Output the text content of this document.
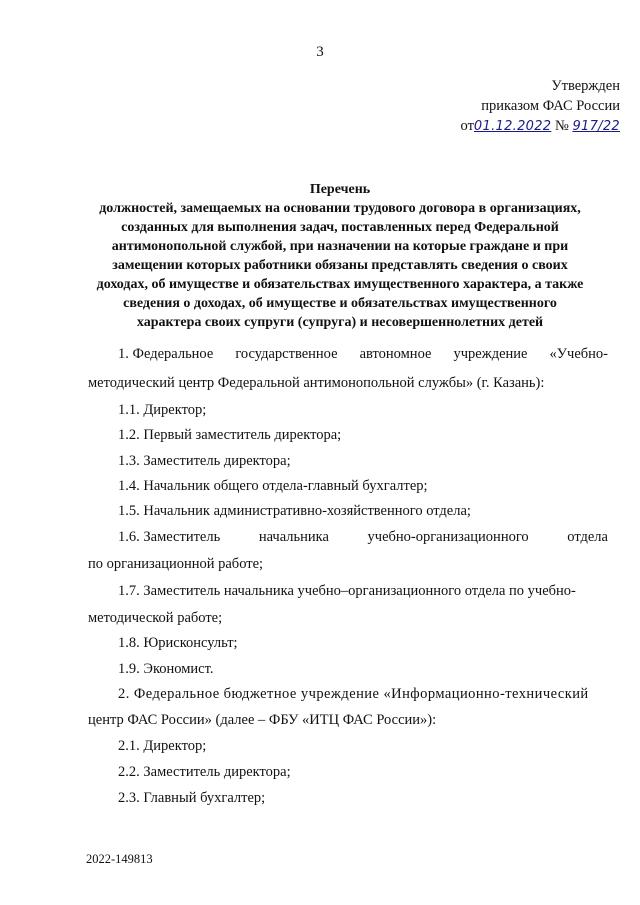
3
Утвержден
приказом ФАС России
от01.12.2022 № 917/22
Перечень
должностей, замещаемых на основании трудового договора в организациях,
созданных для выполнения задач, поставленных перед Федеральной
антимонопольной службой, при назначении на которые граждане и при
замещении которых работники обязаны представлять сведения о своих
доходах, об имуществе и обязательствах имущественного характера, а также
сведения о доходах, об имуществе и обязательствах имущественного
характера своих супруги (супруга) и несовершеннолетних детей
1. Федеральное государственное автономное учреждение «Учебно-
методический центр Федеральной антимонопольной службы» (г. Казань):
1.1. Директор;
1.2. Первый заместитель директора;
1.3. Заместитель директора;
1.4. Начальник общего отдела-главный бухгалтер;
1.5. Начальник административно-хозяйственного отдела;
1.6. Заместитель	начальника	учебно-организационного	отдела
по организационной работе;
1.7. Заместитель начальника учебно–организационного отдела по учебно-
методической работе;
1.8. Юрисконсульт;
1.9. Экономист.
2. Федеральное бюджетное учреждение «Информационно-технический
центр ФАС России» (далее – ФБУ «ИТЦ ФАС России»):
2.1. Директор;
2.2. Заместитель директора;
2.3. Главный бухгалтер;
2022-149813
